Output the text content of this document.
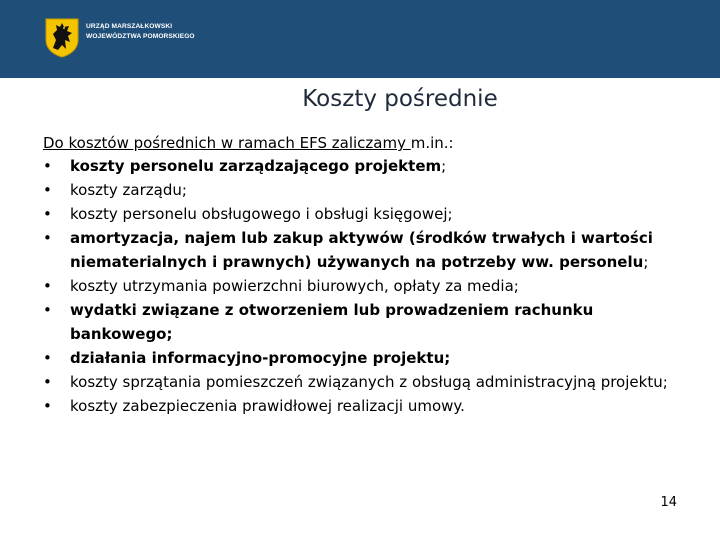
URZĄD MARSZAŁKOWSKI
WOJEWÓDZTWA POMORSKIEGO
Koszty pośrednie
Do kosztów pośrednich w ramach EFS zaliczamy m.in.:
• koszty personelu zarządzającego projektem;
• koszty zarządu;
• koszty personelu obsługowego i obsługi księgowej;
• amortyzacja, najem lub zakup aktywów (środków trwałych i wartości niematerialnych i prawnych) używanych na potrzeby ww. personelu;
• koszty utrzymania powierzchni biurowych, opłaty za media;
• wydatki związane z otworzeniem lub prowadzeniem rachunku bankowego;
• działania informacyjno-promocyjne projektu;
• koszty sprzątania pomieszczeń związanych z obsługą administracyjną projektu;
• koszty zabezpieczenia prawidłowej realizacji umowy.
14
